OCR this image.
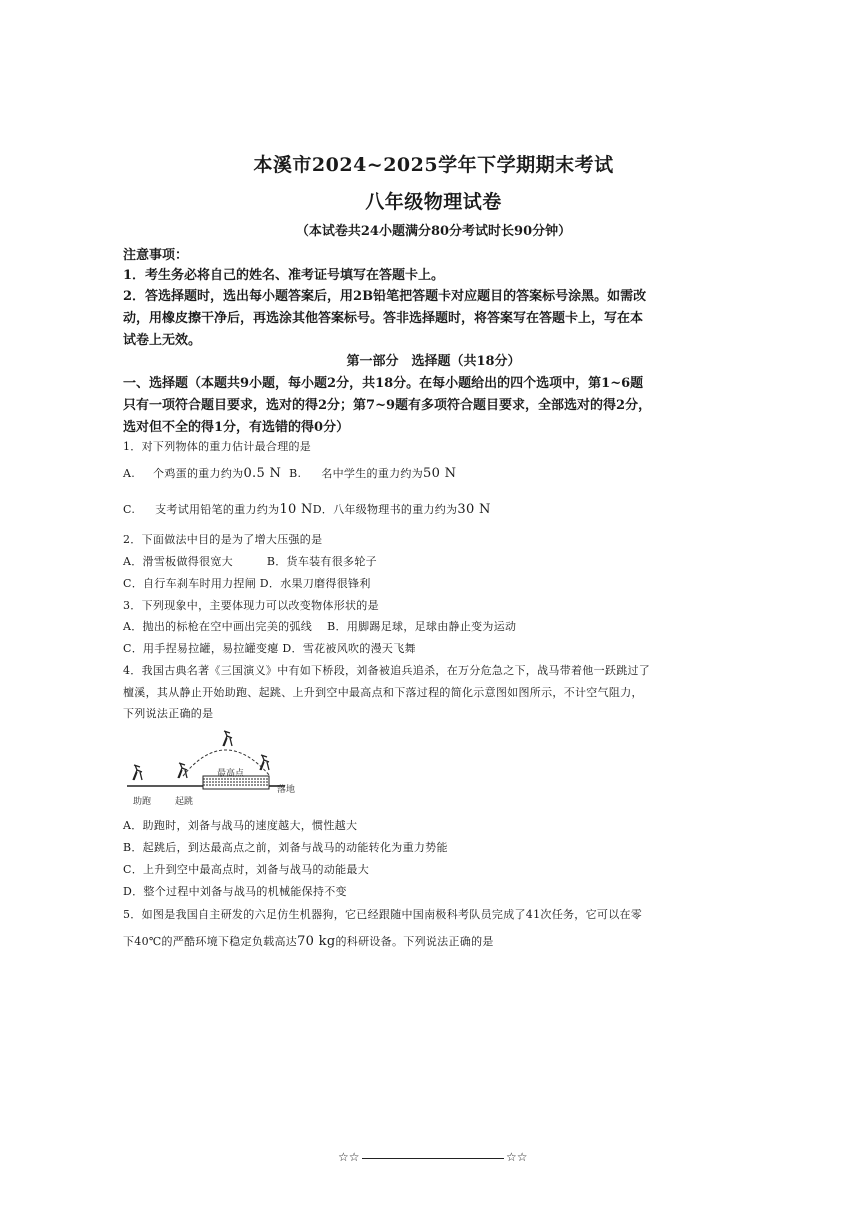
本溪市2024~2025学年下学期期末考试
八年级物理试卷
（本试卷共24小题满分80分考试时长90分钟）
注意事项：
1．考生务必将自己的姓名、准考证号填写在答题卡上。
2．答选择题时，选出每小题答案后，用2B铅笔把答题卡对应题目的答案标号涂黑。如需改
动，用橡皮擦干净后，再选涂其他答案标号。答非选择题时，将答案写在答题卡上，写在本
试卷上无效。
第一部分　选择题（共18分）
一、选择题（本题共9小题，每小题2分，共18分。在每小题给出的四个选项中，第1~6题
只有一项符合题目要求，选对的得2分；第7~9题有多项符合题目要求，全部选对的得2分，
选对但不全的得1分，有选错的得0分）
1．对下列物体的重力估计最合理的是
A. 个鸡蛋的重力约为0.5 N B. 名中学生的重力约为50 N
C. 支考试用铅笔的重力约为10 ND．八年级物理书的重力约为30 N
2．下面做法中目的是为了增大压强的是
A．滑雪板做得很宽大　　　B．货车装有很多轮子
C．自行车刹车时用力捏闸 D．水果刀磨得很锋利
3．下列现象中，主要体现力可以改变物体形状的是
A．抛出的标枪在空中画出完美的弧线　 B．用脚踢足球，足球由静止变为运动
C．用手捏易拉罐，易拉罐变瘪 D．雪花被风吹的漫天飞舞
4．我国古典名著《三国演义》中有如下桥段，刘备被追兵追杀，在万分危急之下，战马带着他一跃跳过了
檀溪，其从静止开始助跑、起跳、上升到空中最高点和下落过程的简化示意图如图所示，不计空气阻力，
下列说法正确的是
最高点
助跑	起跳
落地
A．助跑时，刘备与战马的速度越大，惯性越大
B．起跳后，到达最高点之前，刘备与战马的动能转化为重力势能
C．上升到空中最高点时，刘备与战马的动能最大
D．整个过程中刘备与战马的机械能保持不变
5．如图是我国自主研发的六足仿生机器狗，它已经跟随中国南极科考队员完成了41次任务，它可以在零
下40℃的严酷环境下稳定负载高达70 kg的科研设备。下列说法正确的是
☆☆	☆☆
